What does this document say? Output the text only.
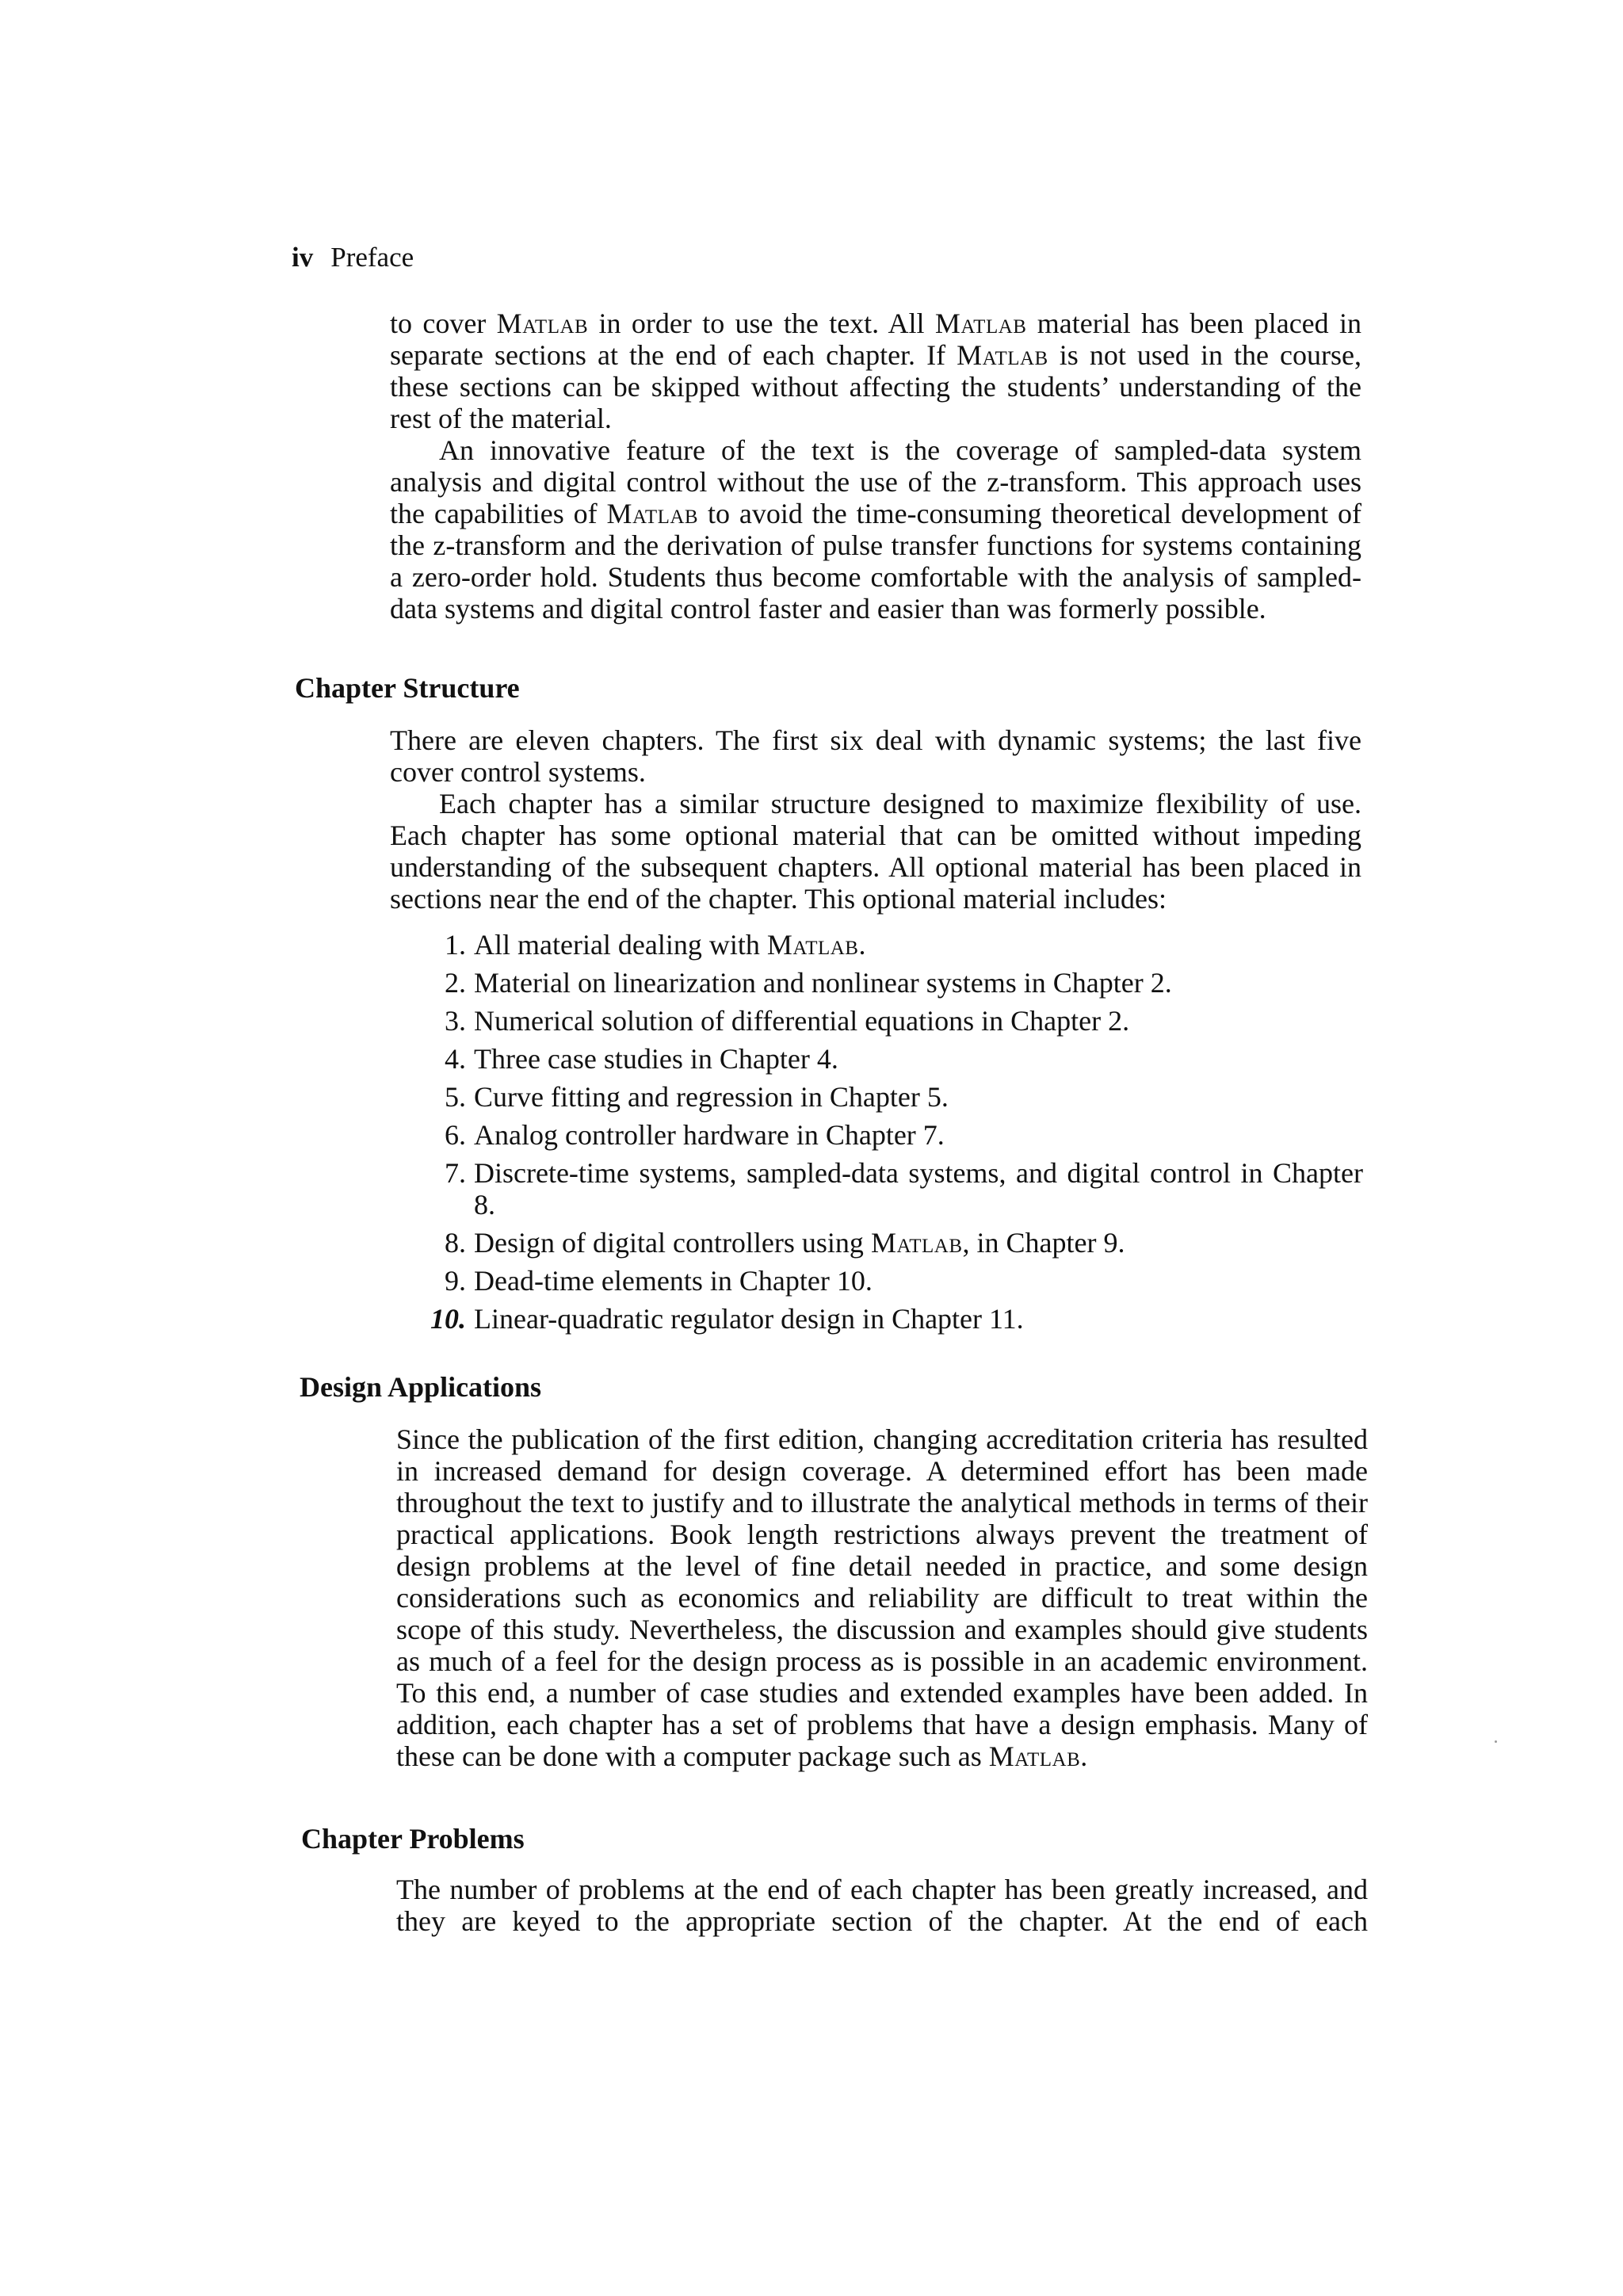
iv Preface

to cover Matlab in order to use the text. All Matlab material has been placed in separate sections at the end of each chapter. If Matlab is not used in the course, these sections can be skipped without affecting the students’ understanding of the rest of the material.

An innovative feature of the text is the coverage of sampled-data system analysis and digital control without the use of the z-transform. This approach uses the capabilities of Matlab to avoid the time-consuming theoretical development of the z-transform and the derivation of pulse transfer functions for systems containing a zero-order hold. Students thus become comfortable with the analysis of sampled-data systems and digital control faster and easier than was formerly possible.

Chapter Structure

There are eleven chapters. The first six deal with dynamic systems; the last five cover control systems.

Each chapter has a similar structure designed to maximize flexibility of use. Each chapter has some optional material that can be omitted without impeding understanding of the subsequent chapters. All optional material has been placed in sections near the end of the chapter. This optional material includes:

1. All material dealing with Matlab.
2. Material on linearization and nonlinear systems in Chapter 2.
3. Numerical solution of differential equations in Chapter 2.
4. Three case studies in Chapter 4.
5. Curve fitting and regression in Chapter 5.
6. Analog controller hardware in Chapter 7.
7. Discrete-time systems, sampled-data systems, and digital control in Chapter 8.
8. Design of digital controllers using Matlab, in Chapter 9.
9. Dead-time elements in Chapter 10.
10. Linear-quadratic regulator design in Chapter 11.
Design Applications

Since the publication of the first edition, changing accreditation criteria has resulted in increased demand for design coverage. A determined effort has been made throughout the text to justify and to illustrate the analytical methods in terms of their practical applications. Book length restrictions always prevent the treatment of design problems at the level of fine detail needed in practice, and some design considerations such as economics and reliability are difficult to treat within the scope of this study. Nevertheless, the discussion and examples should give students as much of a feel for the design process as is possible in an academic environment. To this end, a number of case studies and extended examples have been added. In addition, each chapter has a set of problems that have a design emphasis. Many of these can be done with a computer package such as Matlab.

Chapter Problems

The number of problems at the end of each chapter has been greatly increased, and they are keyed to the appropriate section of the chapter. At the end of each
